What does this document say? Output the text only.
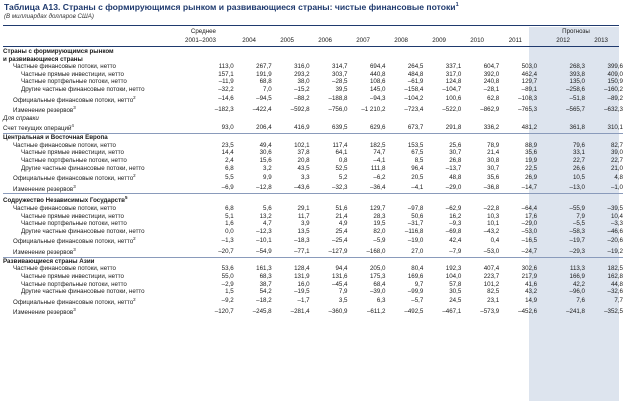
Таблица А13. Страны с формирующимся рынком и развивающиеся страны: чистые финансовые потоки$^1$
(В миллиардах долларов США)
Среднее	Прогнозы
2001–2003	2004	2005	2006	2007	2008	2009	2010	2011	2012	2013
Страны с формирующимся рынком											
и развивающиеся страны											
Частные финансовые потоки, нетто	113,0	267,7	316,0	314,7	694,4	264,5	337,1	604,7	503,0	268,3	399,6
Частные прямые инвестиции, нетто	157,1	191,9	293,2	303,7	440,8	484,8	317,0	392,0	462,4	393,8	409,0
Частные портфельные потоки, нетто	–11,9	68,8	38,0	–28,5	108,6	–61,9	124,8	240,8	129,7	135,0	150,9
Другие частные финансовые потоки, нетто	–32,2	7,0	–15,2	39,5	145,0	–158,4	–104,7	–28,1	–89,1	–258,6	–160,2
Официальные финансовые потоки, нетто$^2$	–14,6	–94,5	–88,2	–188,8	–94,3	–104,2	100,6	62,8	–108,3	–51,8	–89,2
Изменение резервов$^3$	–182,3	–422,4	–592,8	–756,0	–1 210,2	–723,4	–522,0	–862,9	–765,3	–565,7	–632,3
Для справки											
Счет текущих операций$^4$	93,0	206,4	416,9	639,5	629,6	673,7	291,8	336,2	481,2	361,8	310,1
Центральная и Восточная Европа											
Частные финансовые потоки, нетто	23,5	49,4	102,1	117,4	182,5	153,5	25,6	78,9	88,9	79,6	82,7
Частные прямые инвестиции, нетто	14,4	30,6	37,8	64,1	74,7	67,5	30,7	21,4	35,6	33,1	39,0
Частные портфельные потоки, нетто	2,4	15,6	20,8	0,8	–4,1	8,5	26,8	30,8	19,9	22,7	22,7
Другие частные финансовые потоки, нетто	6,8	3,2	43,5	52,5	111,8	96,4	–13,7	30,7	22,5	26,6	21,0
Официальные финансовые потоки, нетто$^2$	5,5	9,9	3,3	5,2	–6,2	20,5	48,8	35,6	26,9	10,5	4,8
Изменение резервов$^3$	–6,9	–12,8	–43,6	–32,3	–36,4	–4,1	–29,0	–36,8	–14,7	–13,0	–1,0
Содружество Независимых Государств$^5$											
Частные финансовые потоки, нетто	6,8	5,6	29,1	51,6	129,7	–97,8	–62,9	–22,8	–64,4	–55,9	–39,5
Частные прямые инвестиции, нетто	5,1	13,2	11,7	21,4	28,3	50,6	16,2	10,3	17,6	7,9	10,4
Частные портфельные потоки, нетто	1,6	4,7	3,9	4,9	19,5	–31,7	–9,3	10,1	–29,0	–5,5	–3,3
Другие частные финансовые потоки, нетто	0,0	–12,3	13,5	25,4	82,0	–116,8	–69,8	–43,2	–53,0	–58,3	–46,6
Официальные финансовые потоки, нетто$^2$	–1,3	–10,1	–18,3	–25,4	–5,9	–19,0	42,4	0,4	–16,5	–19,7	–20,6
Изменение резервов$^3$	–20,7	–54,9	–77,1	–127,9	–168,0	27,0	–7,9	–53,0	–24,7	–29,3	–19,2
Развивающиеся страны Азии											
Частные финансовые потоки, нетто	53,6	161,3	128,4	94,4	205,0	80,4	192,3	407,4	302,6	113,3	182,5
Частные прямые инвестиции, нетто	55,0	68,3	131,9	131,6	175,3	169,6	104,0	223,7	217,9	166,9	162,8
Частные портфельные потоки, нетто	–2,9	38,7	16,0	–45,4	68,4	9,7	57,8	101,2	41,6	42,2	44,8
Другие частные финансовые потоки, нетто	1,5	54,2	–19,5	7,9	–39,0	–99,9	30,5	82,5	43,2	–96,0	–32,6
Официальные финансовые потоки, нетто$^2$	–9,2	–18,2	–1,7	3,5	6,3	–5,7	24,5	23,1	14,9	7,6	7,7
Изменение резервов$^3$	–120,7	–245,8	–281,4	–360,9	–611,2	–492,5	–467,1	–573,9	–452,6	–241,8	–352,5
